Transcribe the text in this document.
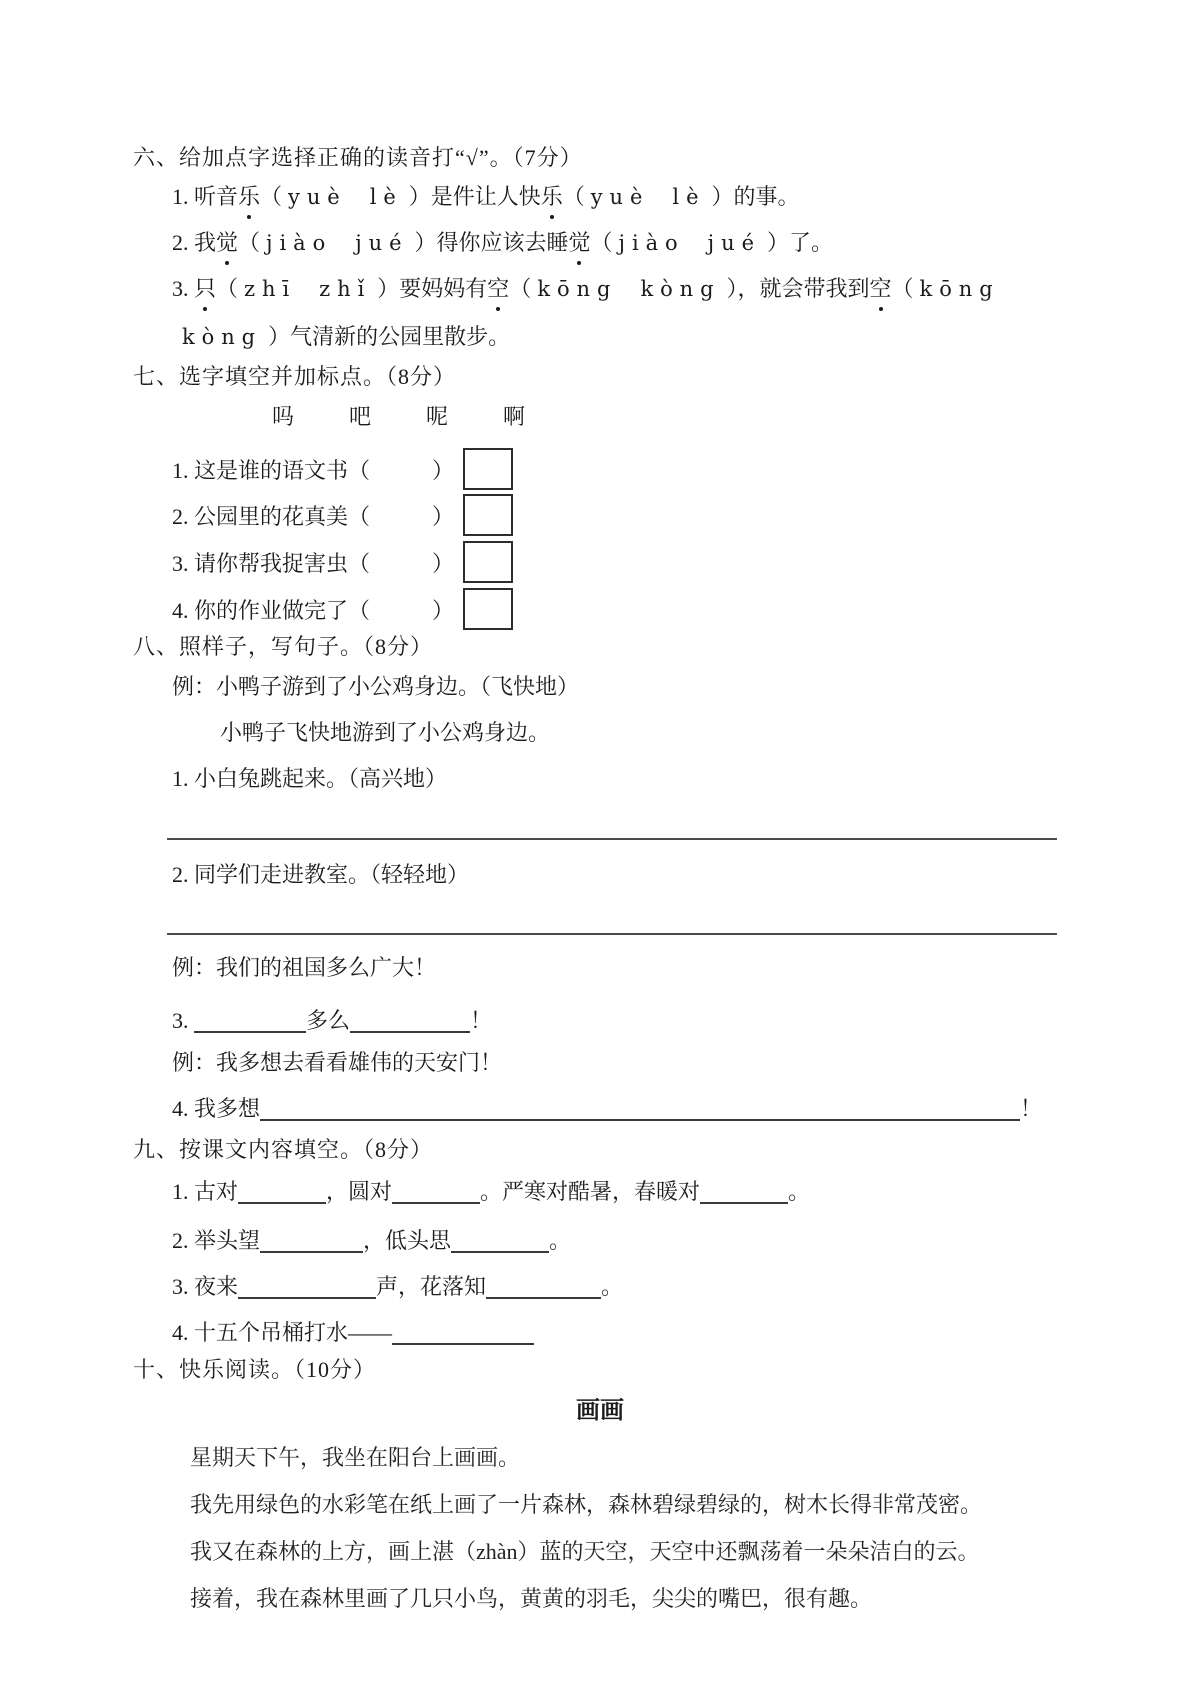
六、给加点字选择正确的读音打“√”。（7分）
1. 听音乐（ yuè lè ）是件让人快乐（ yuè lè ）的事。
2. 我觉（ jiào jué ）得你应该去睡觉（ jiào jué ）了。
3. 只（ zhī zhǐ ）要妈妈有空（ kōng kòng ），就会带我到空（ kōng
kòng ）气清新的公园里散步。
七、选字填空并加标点。（8分）
吗	吧	呢	啊
1. 这是谁的语文书（	）
2. 公园里的花真美（	）
3. 请你帮我捉害虫（	）
4. 你的作业做完了（	）
八、照样子，写句子。（8分）
例：小鸭子游到了小公鸡身边。（飞快地）
小鸭子飞快地游到了小公鸡身边。
1. 小白兔跳起来。（高兴地）
2. 同学们走进教室。（轻轻地）
例：我们的祖国多么广大！
3.	多么	！
例：我多想去看看雄伟的天安门！
4. 我多想	！
九、按课文内容填空。（8分）
1. 古对	，圆对	。严寒对酷暑，春暖对	。
2. 举头望	，低头思	。
3. 夜来	声，花落知	。
4. 十五个吊桶打水——
十、快乐阅读。（10分）
画画
星期天下午，我坐在阳台上画画。
我先用绿色的水彩笔在纸上画了一片森林，森林碧绿碧绿的，树木长得非常茂密。
我又在森林的上方，画上湛（zhàn）蓝的天空，天空中还飘荡着一朵朵洁白的云。
接着，我在森林里画了几只小鸟，黄黄的羽毛，尖尖的嘴巴，很有趣。
